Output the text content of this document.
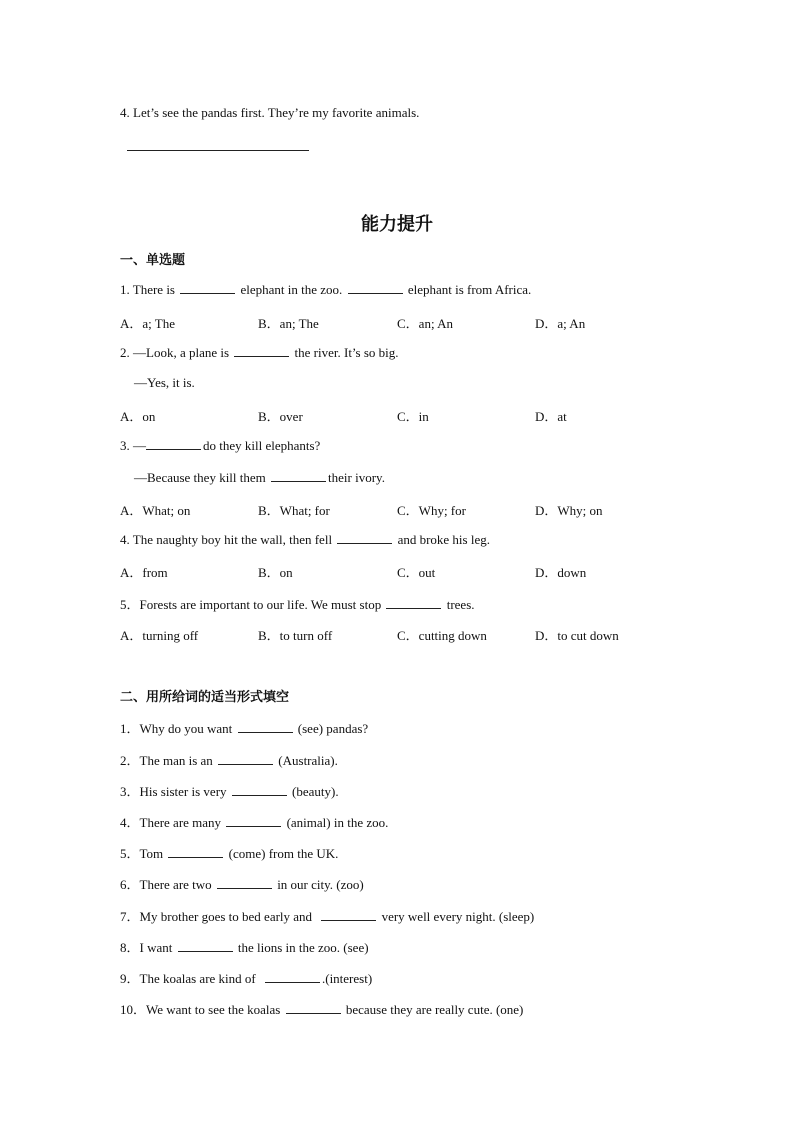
4. Let’s see the pandas first. They’re my favorite animals.
能力提升
一、单选题
1. There is	elephant in the zoo.	elephant is from Africa.
A．a; The	B．an; The	C．an; An	D．a; An
2. —Look, a plane is	the river. It’s so big.
—Yes, it is.
A．on	B．over	C．in	D．at
3. —	do they kill elephants?
—Because they kill them	their ivory.
A．What; on	B．What; for	C．Why; for	D．Why; on
4. The naughty boy hit the wall, then fell	and broke his leg.
A．from	B．on	C．out	D．down
5．Forests are important to our life. We must stop	trees.
A．turning off	B．to turn off	C．cutting down	D．to cut down
二、用所给词的适当形式填空
1．Why do you want	(see) pandas?
2．The man is an	(Australia).
3．His sister is very	(beauty).
4．There are many	(animal) in the zoo.
5．Tom	(come) from the UK.
6．There are two	in our city. (zoo)
7．My brother goes to bed early and	very well every night. (sleep)
8．I want	the lions in the zoo. (see)
9．The koalas are kind of	.(interest)
10．We want to see the koalas	because they are really cute. (one)
